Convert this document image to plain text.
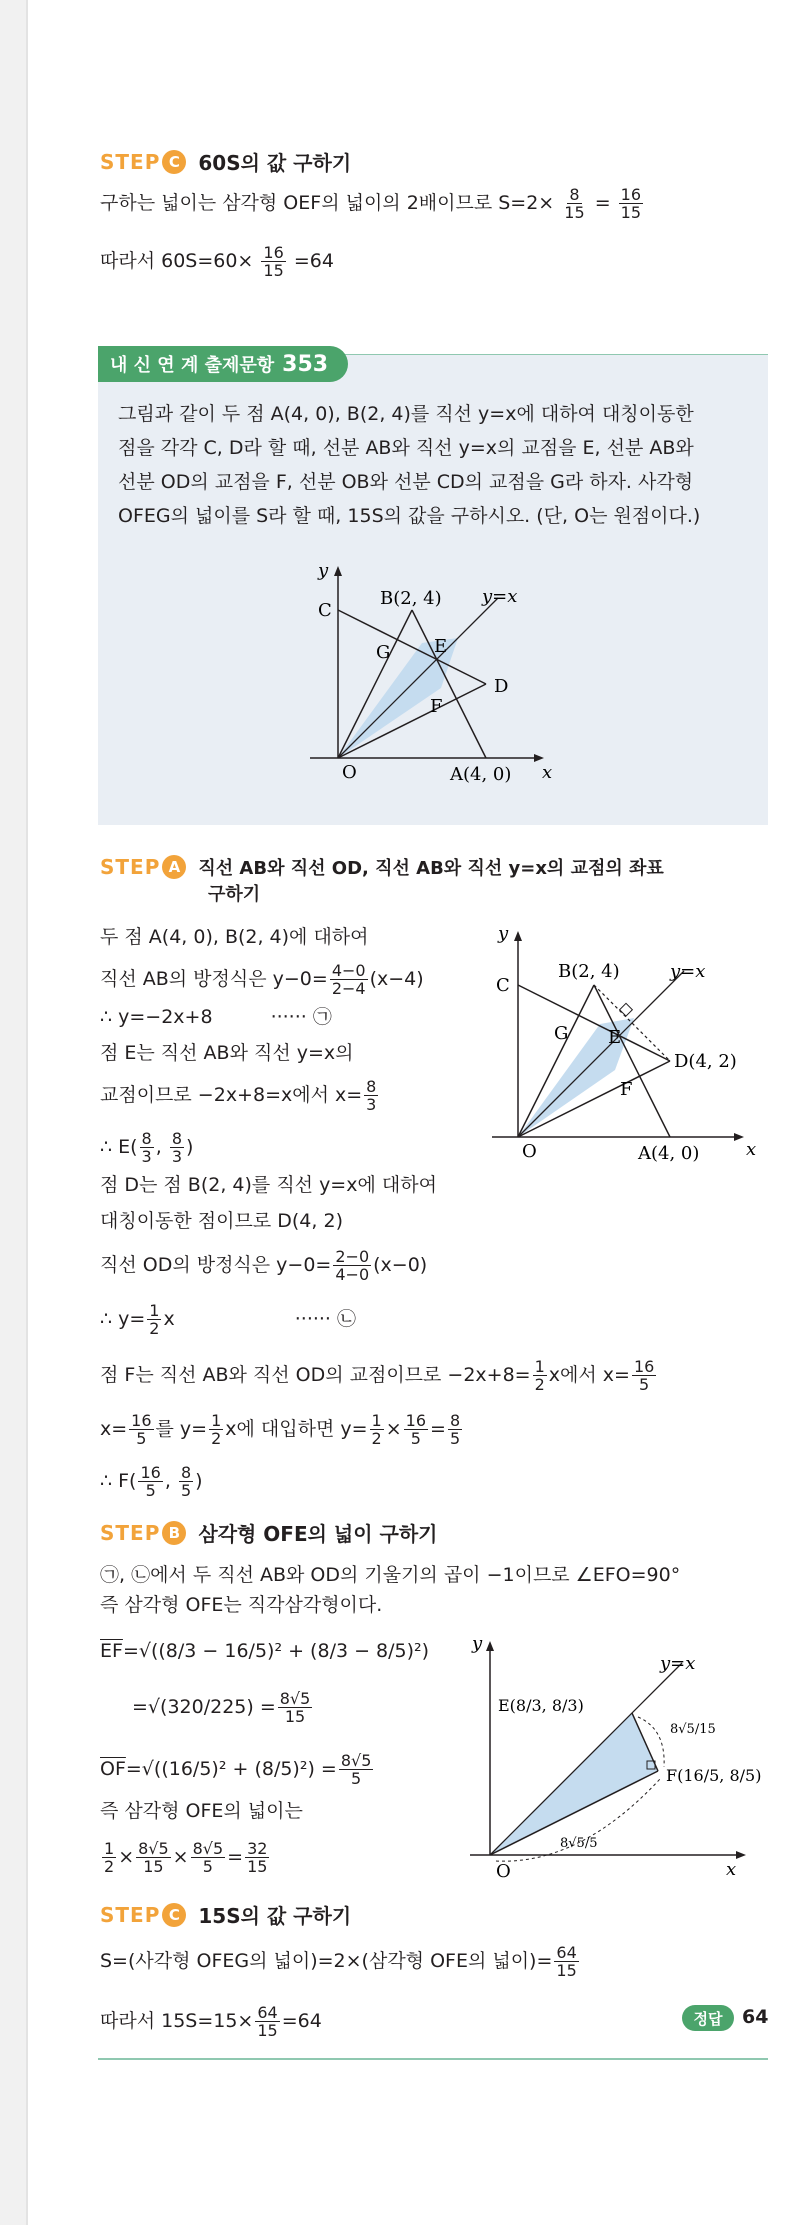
STEP C 60S의 값 구하기
구하는 넓이는 삼각형 OEF의 넓이의 2배이므로 $S=2\times \frac{8}{15} = \frac{16}{15}$
따라서 $60S=60\times \frac{16}{15} =64$
내 신 연 계 출제문항 353
그림과 같이 두 점 A(4, 0), B(2, 4)를 직선 y=x에 대하여 대칭이동한
점을 각각 C, D라 할 때, 선분 AB와 직선 y=x의 교점을 E, 선분 AB와
선분 OD의 교점을 F, 선분 OB와 선분 CD의 교점을 G라 하자. 사각형
OFEG의 넓이를 S라 할 때, 15S의 값을 구하시오. (단, O는 원점이다.)
y
x
B(2, 4) y=x
C
G E
D
F
O	A(4, 0)
STEP A	직선 AB와 직선 OD, 직선 AB와 직선 y=x의 교점의 좌표
구하기
두 점 A(4, 0), B(2, 4)에 대하여
직선 AB의 방정식은 $y-0= \frac{4-0}{2-4} (x-4)$
∴ y=−2x+8	······ ㉠
점 E는 직선 AB와 직선 y=x의
교점이므로 −2x+8=x에서 $x= \frac{8}{3}$
∴ $E( \frac{8}{3}$ , $\frac{8}{3}$ )
점 D는 점 B(2, 4)를 직선 y=x에 대하여
대칭이동한 점이므로 D(4, 2)
직선 OD의 방정식은 $y-0= \frac{2-0}{4-0} (x-0)$
∴ $y= \frac{1}{2}$ x	······ ㉡
점 F는 직선 AB와 직선 OD의 교점이므로 $-2x+8= \frac{1}{2}$ x에서 $x= \frac{16}{5}$
$x= \frac{16}{5}$ 를 $y= \frac{1}{2}$ x에 대입하면 $y= \frac{1}{2} \times \frac{16}{5} = \frac{8}{5}$
∴ $F( \frac{16}{5}$ , $\frac{8}{5}$ )
y
x
B(2, 4)	y=x
C
G E
D(4, 2)
F
O	A(4, 0)
STEP B 삼각형 OFE의 넓이 구하기
㉠, ㉡에서 두 직선 AB와 OD의 기울기의 곱이 −1이므로 ∠EFO=90°
즉 삼각형 OFE는 직각삼각형이다.
$\overline{EF}=√((8/3 - 16/5)^2 + (8/3 - 8/5)^2)$
$=√(320/225) = \frac{8√5}{15}$
$\overline{OF}=√((16/5)^2 + (8/5)^2) = \frac{8√5}{5}$
즉 삼각형 OFE의 넓이는
$\frac{1}{2} \times \frac{8√5}{15} \times \frac{8√5}{5} = \frac{32}{15}$
y
x
y=x
E(8/3, 8/3)
F(16/5, 8/5)
O
8√5/15
8√5/5
STEP C 15S의 값 구하기
S=(사각형 OFEG의 넓이)=2×(삼각형 OFE의 넓이)= $\frac{64}{15}$
따라서 $15S=15\times \frac{64}{15} =64$	정답	64
